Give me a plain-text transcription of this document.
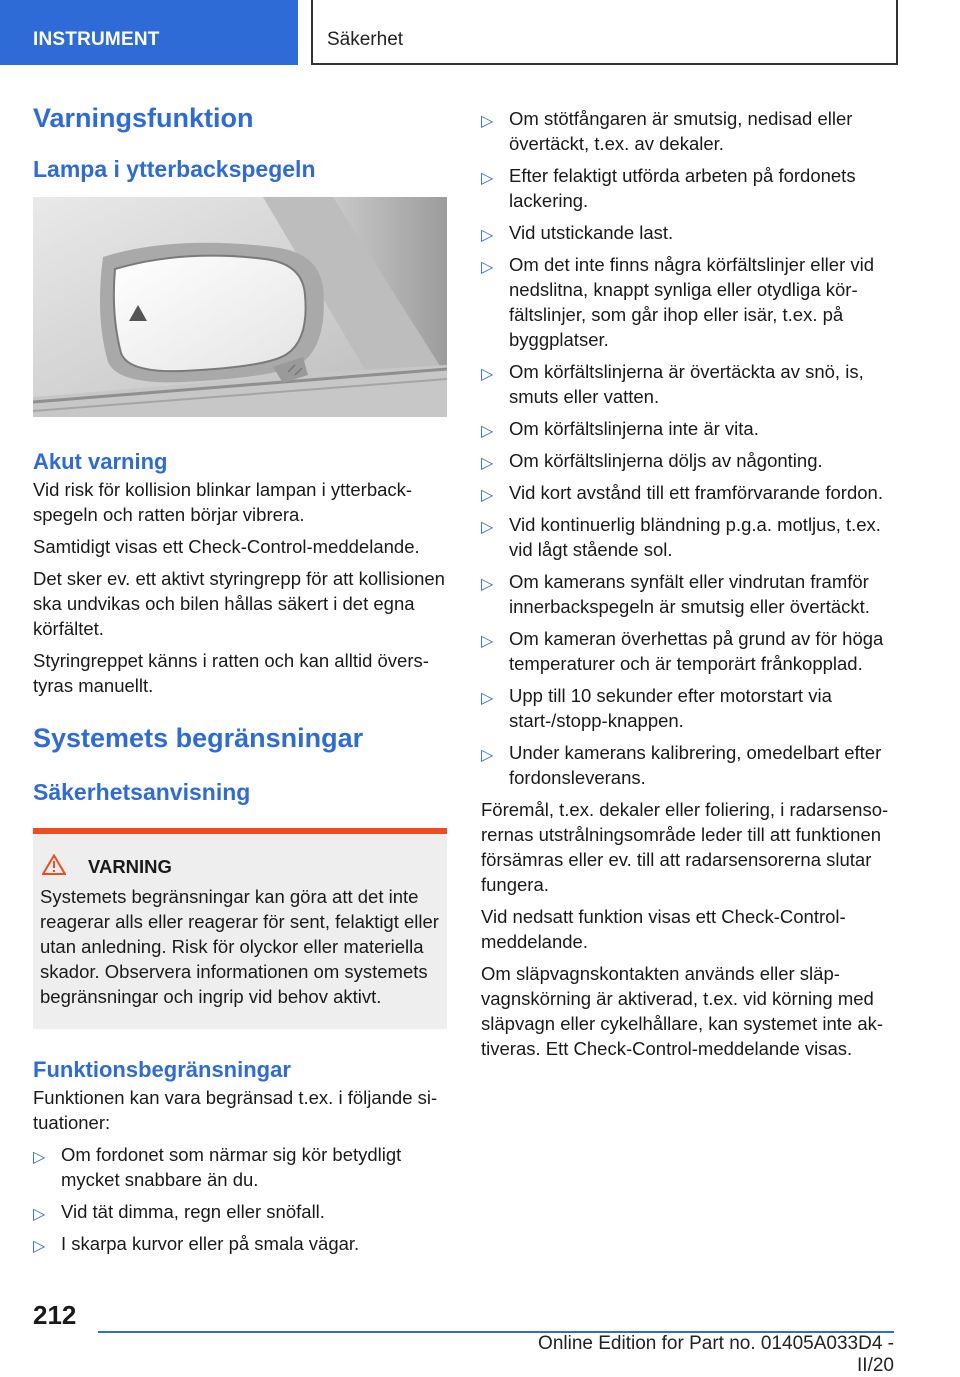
INSTRUMENT	Säkerhet
Varningsfunktion
Lampa i ytterbackspegeln
Akut varning

Vid risk för kollision blinkar lampan i ytterbackspegeln och ratten börjar vibrera.

Samtidigt visas ett Check-Control-meddelande.

Det sker ev. ett aktivt styringrepp för att kollisionen ska undvikas och bilen hållas säkert i det egna körfältet.

Styringreppet känns i ratten och kan alltid överstyras manuellt.

Systemets begränsningar
Säkerhetsanvisning
VARNING

Systemets begränsningar kan göra att det inte reagerar alls eller reagerar för sent, felaktigt eller utan anledning. Risk för olyckor eller materiella skador. Observera informationen om systemets begränsningar och ingrip vid behov aktivt.

Funktionsbegränsningar

Funktionen kan vara begränsad t.ex. i följande situationer:

▷ Om fordonet som närmar sig kör betydligt mycket snabbare än du.
▷ Vid tät dimma, regn eller snöfall.
▷ I skarpa kurvor eller på smala vägar.
▷ Om stötfångaren är smutsig, nedisad eller övertäckt, t.ex. av dekaler.
▷ Efter felaktigt utförda arbeten på fordonets lackering.
▷ Vid utstickande last.
▷ Om det inte finns några körfältslinjer eller vid nedslitna, knappt synliga eller otydliga körfältslinjer, som går ihop eller isär, t.ex. på byggplatser.
▷ Om körfältslinjerna är övertäckta av snö, is, smuts eller vatten.
▷ Om körfältslinjerna inte är vita.
▷ Om körfältslinjerna döljs av någonting.
▷ Vid kort avstånd till ett framförvarande fordon.
▷ Vid kontinuerlig bländning p.g.a. motljus, t.ex. vid lågt stående sol.
▷ Om kamerans synfält eller vindrutan framför innerbackspegeln är smutsig eller övertäckt.
▷ Om kameran överhettas på grund av för höga temperaturer och är temporärt frånkopplad.
▷ Upp till 10 sekunder efter motorstart via start-/stopp-knappen.
▷ Under kamerans kalibrering, omedelbart efter fordonsleverans.

Föremål, t.ex. dekaler eller foliering, i radarsensorernas utstrålningsområde leder till att funktionen försämras eller ev. till att radarsensorerna slutar fungera.

Vid nedsatt funktion visas ett Check-Control-meddelande.

Om släpvagnskontakten används eller släpvagnskörning är aktiverad, t.ex. vid körning med släpvagn eller cykelhållare, kan systemet inte aktiveras. Ett Check-Control-meddelande visas.

212
Online Edition for Part no. 01405A033D4 - II/20
